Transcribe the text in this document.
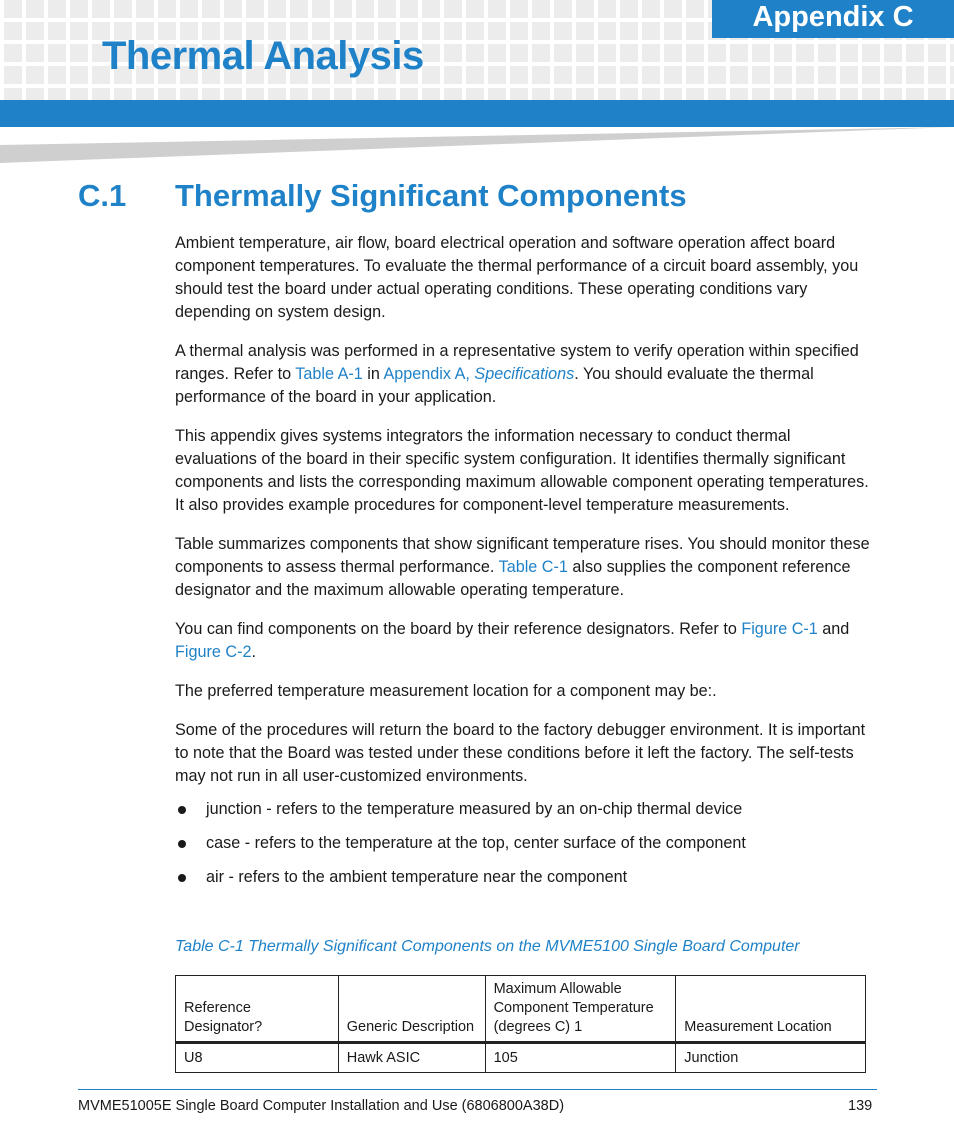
Appendix C
Thermal Analysis
C.1 Thermally Significant Components

Ambient temperature, air flow, board electrical operation and software operation affect board component temperatures. To evaluate the thermal performance of a circuit board assembly, you should test the board under actual operating conditions. These operating conditions vary depending on system design.

A thermal analysis was performed in a representative system to verify operation within specified ranges. Refer to Table A-1 in Appendix A, Specifications. You should evaluate the thermal performance of the board in your application.

This appendix gives systems integrators the information necessary to conduct thermal evaluations of the board in their specific system configuration. It identifies thermally significant components and lists the corresponding maximum allowable component operating temperatures. It also provides example procedures for component-level temperature measurements.

Table summarizes components that show significant temperature rises. You should monitor these components to assess thermal performance. Table C-1 also supplies the component reference designator and the maximum allowable operating temperature.

You can find components on the board by their reference designators. Refer to Figure C-1 and Figure C-2.

The preferred temperature measurement location for a component may be:.

Some of the procedures will return the board to the factory debugger environment. It is important to note that the Board was tested under these conditions before it left the factory. The self-tests may not run in all user-customized environments.

junction - refers to the temperature measured by an on-chip thermal device
case - refers to the temperature at the top, center surface of the component
air - refers to the ambient temperature near the component
Table C-1 Thermally Significant Components on the MVME5100 Single Board Computer
Reference Designator?	Generic Description	Maximum Allowable Component Temperature (degrees C) 1	Measurement Location
U8	Hawk ASIC	105	Junction
MVME51005E Single Board Computer Installation and Use (6806800A38D)	139
